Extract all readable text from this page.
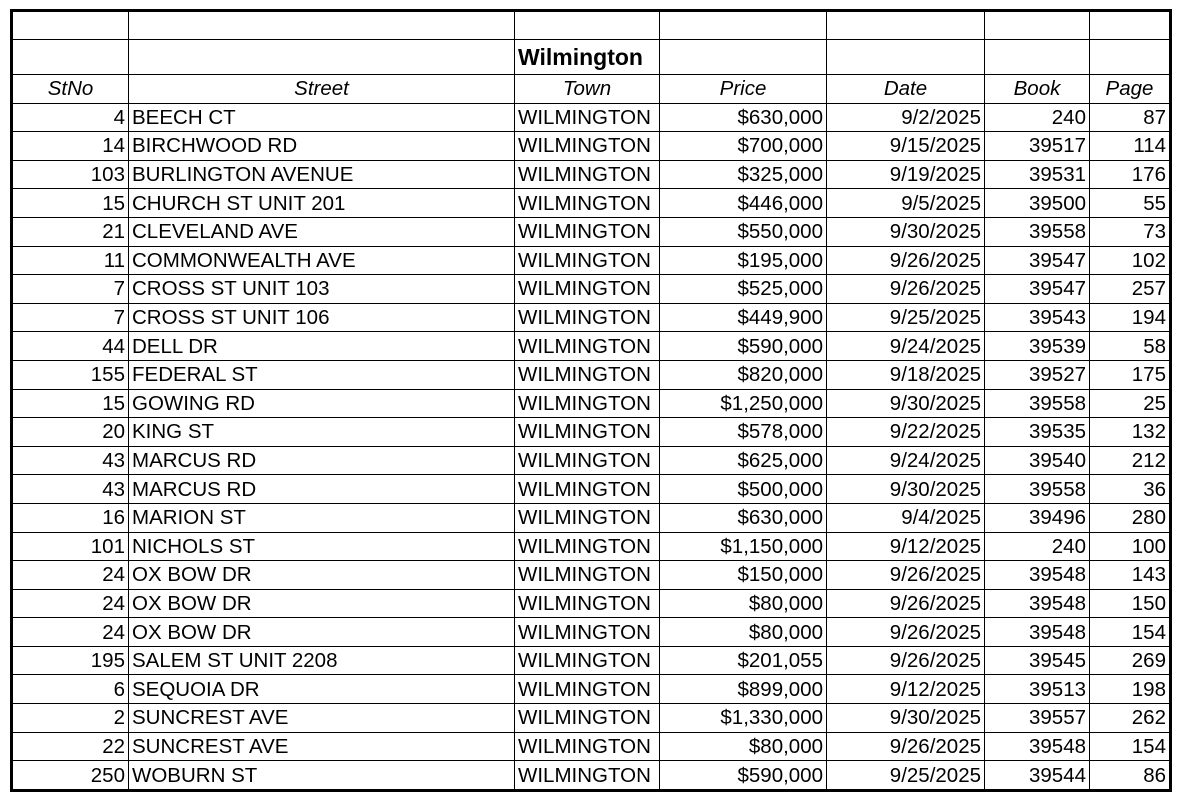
		Wilmington				
StNo	Street	Town	Price	Date	Book	Page
4	BEECH CT	WILMINGTON	$630,000	9/2/2025	240	87
14	BIRCHWOOD RD	WILMINGTON	$700,000	9/15/2025	39517	114
103	BURLINGTON AVENUE	WILMINGTON	$325,000	9/19/2025	39531	176
15	CHURCH ST UNIT 201	WILMINGTON	$446,000	9/5/2025	39500	55
21	CLEVELAND AVE	WILMINGTON	$550,000	9/30/2025	39558	73
11	COMMONWEALTH AVE	WILMINGTON	$195,000	9/26/2025	39547	102
7	CROSS ST UNIT 103	WILMINGTON	$525,000	9/26/2025	39547	257
7	CROSS ST UNIT 106	WILMINGTON	$449,900	9/25/2025	39543	194
44	DELL DR	WILMINGTON	$590,000	9/24/2025	39539	58
155	FEDERAL ST	WILMINGTON	$820,000	9/18/2025	39527	175
15	GOWING RD	WILMINGTON	$1,250,000	9/30/2025	39558	25
20	KING ST	WILMINGTON	$578,000	9/22/2025	39535	132
43	MARCUS RD	WILMINGTON	$625,000	9/24/2025	39540	212
43	MARCUS RD	WILMINGTON	$500,000	9/30/2025	39558	36
16	MARION ST	WILMINGTON	$630,000	9/4/2025	39496	280
101	NICHOLS ST	WILMINGTON	$1,150,000	9/12/2025	240	100
24	OX BOW DR	WILMINGTON	$150,000	9/26/2025	39548	143
24	OX BOW DR	WILMINGTON	$80,000	9/26/2025	39548	150
24	OX BOW DR	WILMINGTON	$80,000	9/26/2025	39548	154
195	SALEM ST UNIT 2208	WILMINGTON	$201,055	9/26/2025	39545	269
6	SEQUOIA DR	WILMINGTON	$899,000	9/12/2025	39513	198
2	SUNCREST AVE	WILMINGTON	$1,330,000	9/30/2025	39557	262
22	SUNCREST AVE	WILMINGTON	$80,000	9/26/2025	39548	154
250	WOBURN ST	WILMINGTON	$590,000	9/25/2025	39544	86
